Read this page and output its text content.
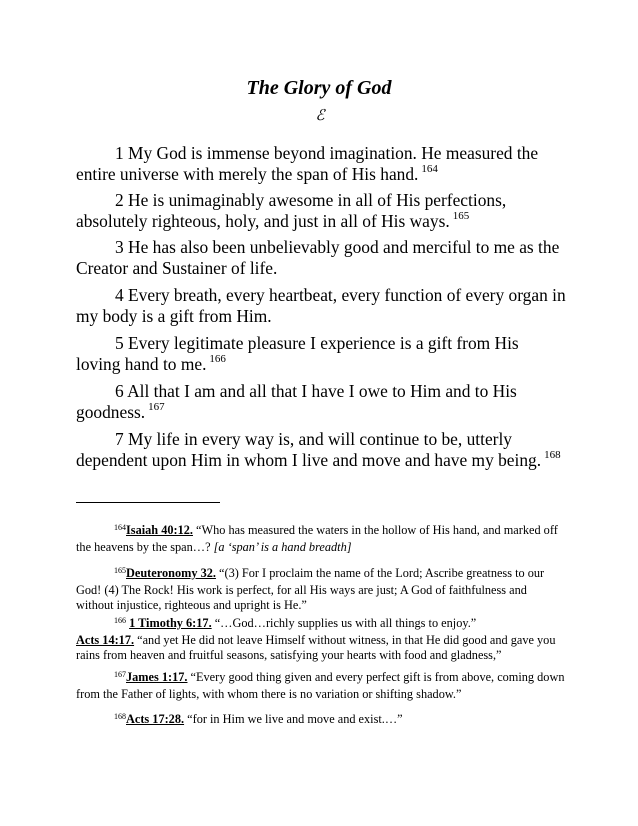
The Glory of God
ℰ

1 My God is immense beyond imagination. He measured the entire universe with merely the span of His hand. $^{164}$

2 He is unimaginably awesome in all of His perfections, absolutely righteous, holy, and just in all of His ways. $^{165}$

3 He has also been unbelievably good and merciful to me as the Creator and Sustainer of life.

4 Every breath, every heartbeat, every function of every organ in my body is a gift from Him.

5 Every legitimate pleasure I experience is a gift from His loving hand to me. $^{166}$

6 All that I am and all that I have I owe to Him and to His goodness. $^{167}$

7 My life in every way is, and will continue to be, utterly dependent upon Him in whom I live and move and have my being. $^{168}$

$^{164}$Isaiah 40:12. “Who has measured the waters in the hollow of His hand, and marked off the heavens by the span…? [a ‘span’ is a hand breadth]

$^{165}$Deuteronomy 32. “(3) For I proclaim the name of the Lord; Ascribe greatness to our God! (4) The Rock! His work is perfect, for all His ways are just; A God of faithfulness and without injustice, righteous and upright is He.”

$^{166}$ 1 Timothy 6:17. “…God…richly supplies us with all things to enjoy.”
Acts 14:17. “and yet He did not leave Himself without witness, in that He did good and gave you rains from heaven and fruitful seasons, satisfying your hearts with food and gladness,”

$^{167}$James 1:17. “Every good thing given and every perfect gift is from above, coming down from the Father of lights, with whom there is no variation or shifting shadow.”

$^{168}$Acts 17:28. “for in Him we live and move and exist.…”
